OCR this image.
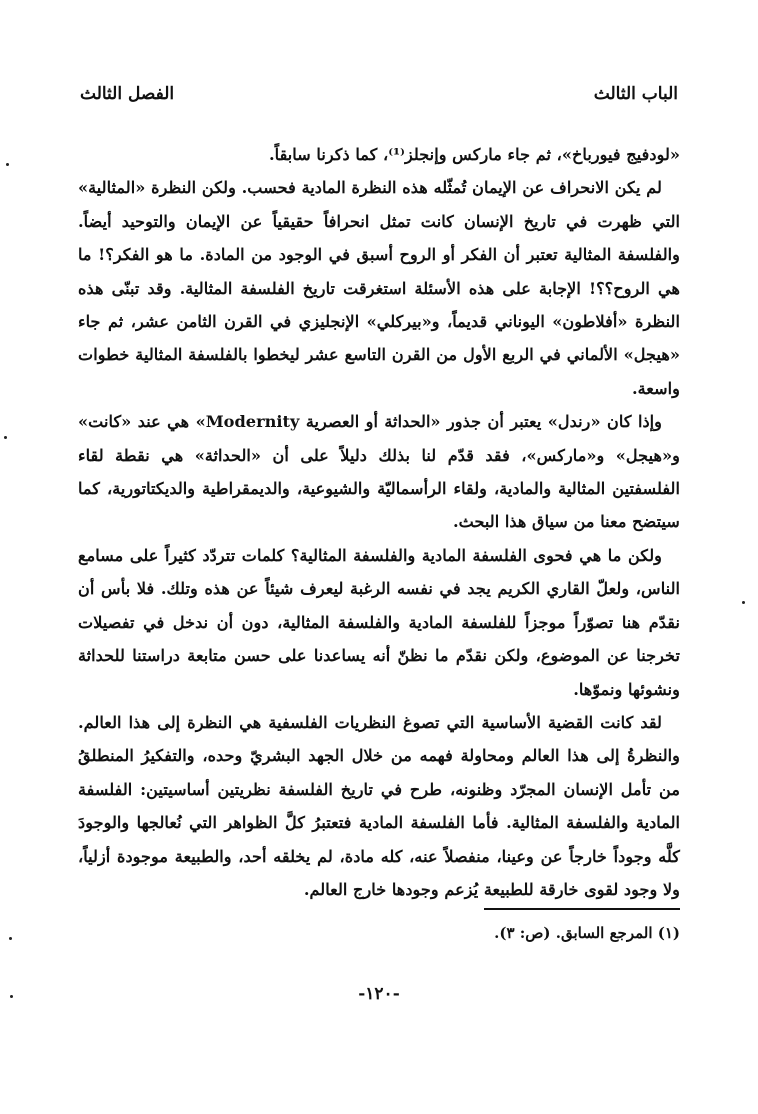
الباب الثالث
الفصل الثالث

«لودفيج فيورباخ»، ثم جاء ماركس وإنجلز⁽¹⁾، كما ذكرنا سابقاً.

لم يكن الانحراف عن الإيمان تُمثّله هذه النظرة المادية فحسب. ولكن النظرة «المثالية» التي ظهرت في تاريخ الإنسان كانت تمثل انحرافاً حقيقياً عن الإيمان والتوحيد أيضاً. والفلسفة المثالية تعتبر أن الفكر أو الروح أسبق في الوجود من المادة. ما هو الفكر؟! ما هي الروح؟؟! الإجابة على هذه الأسئلة استغرقت تاريخ الفلسفة المثالية. وقد تبنّى هذه النظرة «أفلاطون» اليوناني قديماً، و«بيركلي» الإنجليزي في القرن الثامن عشر، ثم جاء «هيجل» الألماني في الربع الأول من القرن التاسع عشر ليخطوا بالفلسفة المثالية خطوات واسعة.

وإذا كان «رندل» يعتبر أن جذور «الحداثة أو العصرية Modernity» هي عند «كانت» و«هيجل» و«ماركس»، فقد قدّم لنا بذلك دليلاً على أن «الحداثة» هي نقطة لقاء الفلسفتين المثالية والمادية، ولقاء الرأسماليّة والشيوعية، والديمقراطية والديكتاتورية، كما سيتضح معنا من سياق هذا البحث.

ولكن ما هي فحوى الفلسفة المادية والفلسفة المثالية؟ كلمات تتردّد كثيراً على مسامع الناس، ولعلّ القاري الكريم يجد في نفسه الرغبة ليعرف شيئاً عن هذه وتلك. فلا بأس أن نقدّم هنا تصوّراً موجزاً للفلسفة المادية والفلسفة المثالية، دون أن ندخل في تفصيلات تخرجنا عن الموضوع، ولكن نقدّم ما نظنّ أنه يساعدنا على حسن متابعة دراستنا للحداثة ونشوئها ونموّها.

لقد كانت القضية الأساسية التي تصوغ النظريات الفلسفية هي النظرة إلى هذا العالم. والنظرةُ إلى هذا العالم ومحاولة فهمه من خلال الجهد البشريّ وحده، والتفكيرُ المنطلقُ من تأمل الإنسان المجرّد وظنونه، طرح في تاريخ الفلسفة نظريتين أساسيتين: الفلسفة المادية والفلسفة المثالية. فأما الفلسفة المادية فتعتبرُ كلَّ الظواهر التي نُعالجها والوجودَ كلَّه وجوداً خارجاً عن وعينا، منفصلاً عنه، كله مادة، لم يخلقه أحد، والطبيعة موجودة أزلياً، ولا وجود لقوى خارقة للطبيعة يُزعم وجودها خارج العالم.

(١) المرجع السابق. (ص: ٣).
-١٢٠-
